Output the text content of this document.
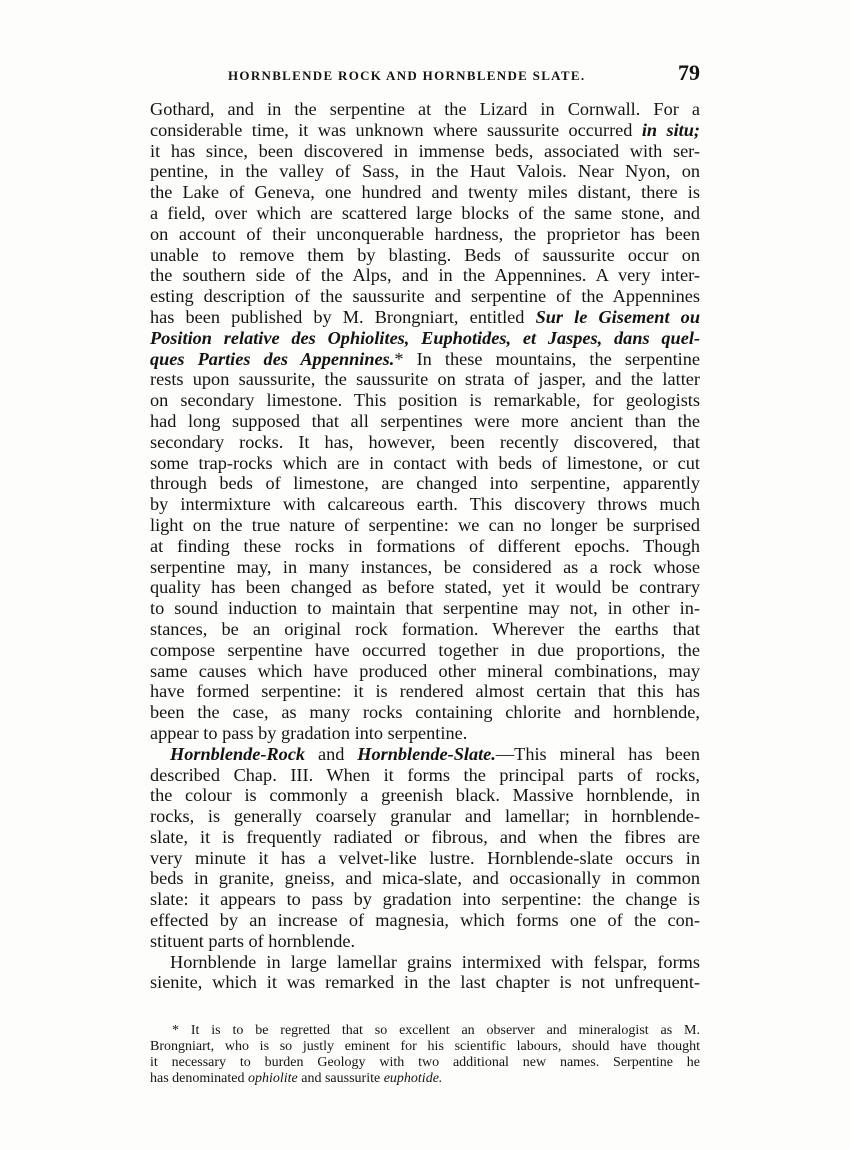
HORNBLENDE ROCK AND HORNBLENDE SLATE.	79
Gothard, and in the serpentine at the Lizard in Cornwall. For a
considerable time, it was unknown where saussurite occurred in situ;
it has since, been discovered in immense beds, associated with ser-
pentine, in the valley of Sass, in the Haut Valois. Near Nyon, on
the Lake of Geneva, one hundred and twenty miles distant, there is
a field, over which are scattered large blocks of the same stone, and
on account of their unconquerable hardness, the proprietor has been
unable to remove them by blasting. Beds of saussurite occur on
the southern side of the Alps, and in the Appennines. A very inter-
esting description of the saussurite and serpentine of the Appennines
has been published by M. Brongniart, entitled Sur le Gisement ou
Position relative des Ophiolites, Euphotides, et Jaspes, dans quel-
ques Parties des Appennines.* In these mountains, the serpentine
rests upon saussurite, the saussurite on strata of jasper, and the latter
on secondary limestone. This position is remarkable, for geologists
had long supposed that all serpentines were more ancient than the
secondary rocks. It has, however, been recently discovered, that
some trap-rocks which are in contact with beds of limestone, or cut
through beds of limestone, are changed into serpentine, apparently
by intermixture with calcareous earth. This discovery throws much
light on the true nature of serpentine: we can no longer be surprised
at finding these rocks in formations of different epochs. Though
serpentine may, in many instances, be considered as a rock whose
quality has been changed as before stated, yet it would be contrary
to sound induction to maintain that serpentine may not, in other in-
stances, be an original rock formation. Wherever the earths that
compose serpentine have occurred together in due proportions, the
same causes which have produced other mineral combinations, may
have formed serpentine: it is rendered almost certain that this has
been the case, as many rocks containing chlorite and hornblende,
appear to pass by gradation into serpentine.
Hornblende-Rock and Hornblende-Slate.—This mineral has been
described Chap. III. When it forms the principal parts of rocks,
the colour is commonly a greenish black. Massive hornblende, in
rocks, is generally coarsely granular and lamellar; in hornblende-
slate, it is frequently radiated or fibrous, and when the fibres are
very minute it has a velvet-like lustre. Hornblende-slate occurs in
beds in granite, gneiss, and mica-slate, and occasionally in common
slate: it appears to pass by gradation into serpentine: the change is
effected by an increase of magnesia, which forms one of the con-
stituent parts of hornblende.
Hornblende in large lamellar grains intermixed with felspar, forms
sienite, which it was remarked in the last chapter is not unfrequent-
* It is to be regretted that so excellent an observer and mineralogist as M.
Brongniart, who is so justly eminent for his scientific labours, should have thought
it necessary to burden Geology with two additional new names. Serpentine he
has denominated ophiolite and saussurite euphotide.
